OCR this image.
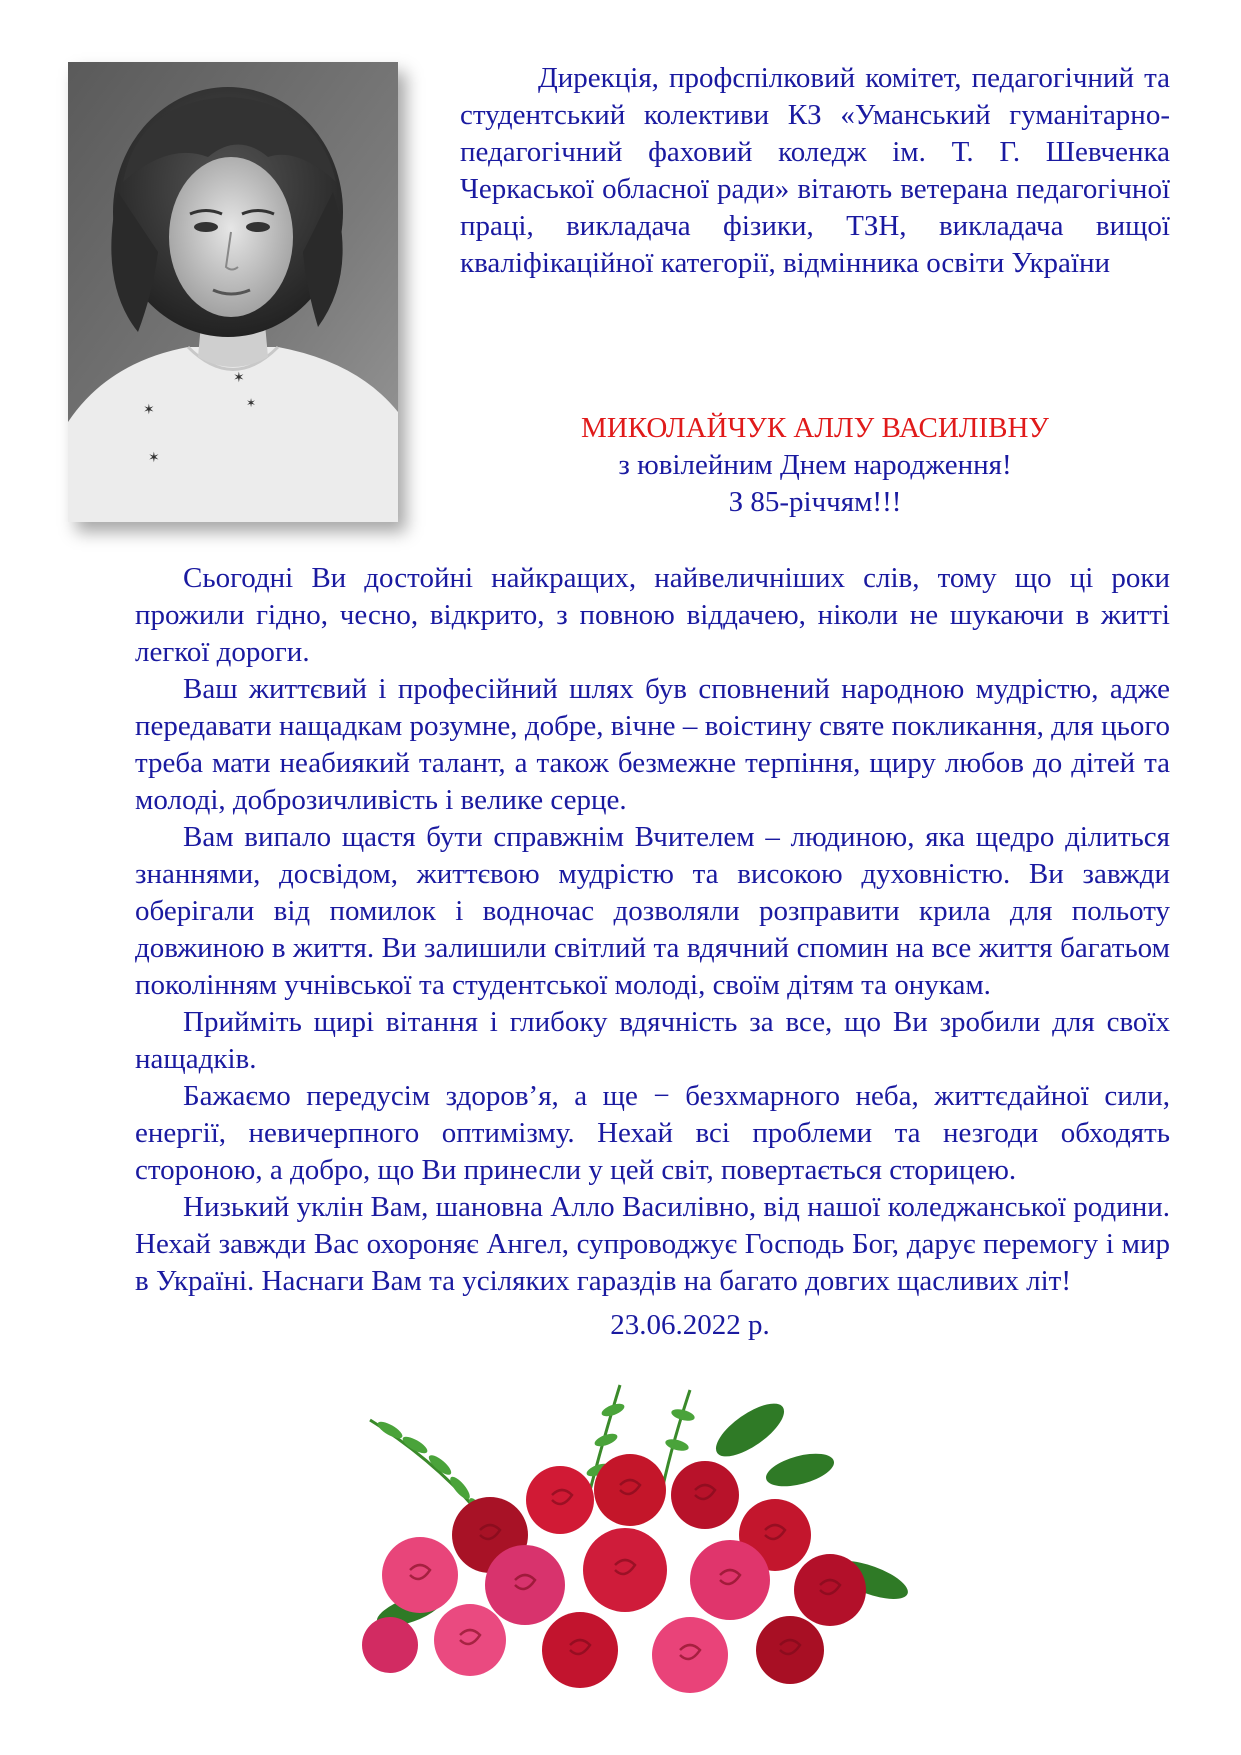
✶
✶
✶
✶

Дирекція, профспілковий комітет, педагогічний та студентський колективи КЗ «Уманський гуманітарно-педагогічний фаховий коледж ім. Т. Г. Шевченка Черкаської обласної ради» вітають ветерана педагогічної праці, викладача фізики, ТЗН, викладача вищої кваліфікаційної категорії, відмінника освіти України

МИКОЛАЙЧУК АЛЛУ ВАСИЛІВНУ
з ювілейним Днем народження!
З 85-річчям!!!

Сьогодні Ви достойні найкращих, найвеличніших слів, тому що ці роки прожили гідно, чесно, відкрито, з повною віддачею, ніколи не шукаючи в житті легкої дороги.

Ваш життєвий і професійний шлях був сповнений народною мудрістю, адже передавати нащадкам розумне, добре, вічне – воістину святе покликання, для цього треба мати неабиякий талант, а також безмежне терпіння, щиру любов до дітей та молоді, доброзичливість і велике серце.

Вам випало щастя бути справжнім Вчителем – людиною, яка щедро ділиться знаннями, досвідом, життєвою мудрістю та високою духовністю. Ви завжди оберігали від помилок і водночас дозволяли розправити крила для польоту довжиною в життя. Ви залишили світлий та вдячний спомин на все життя багатьом поколінням учнівської та студентської молоді, своїм дітям та онукам.

Прийміть щирі вітання і глибоку вдячність за все, що Ви зробили для своїх нащадків.

Бажаємо передусім здоров’я, а ще − безхмарного неба, життєдайної сили, енергії, невичерпного оптимізму. Нехай всі проблеми та незгоди обходять стороною, а добро, що Ви принесли у цей світ, повертається сторицею.

Низький уклін Вам, шановна Алло Василівно, від нашої коледжанської родини. Нехай завжди Вас охороняє Ангел, супроводжує Господь Бог, дарує перемогу і мир в Україні. Наснаги Вам та усіляких гараздів на багато довгих щасливих літ!

23.06.2022 р.
